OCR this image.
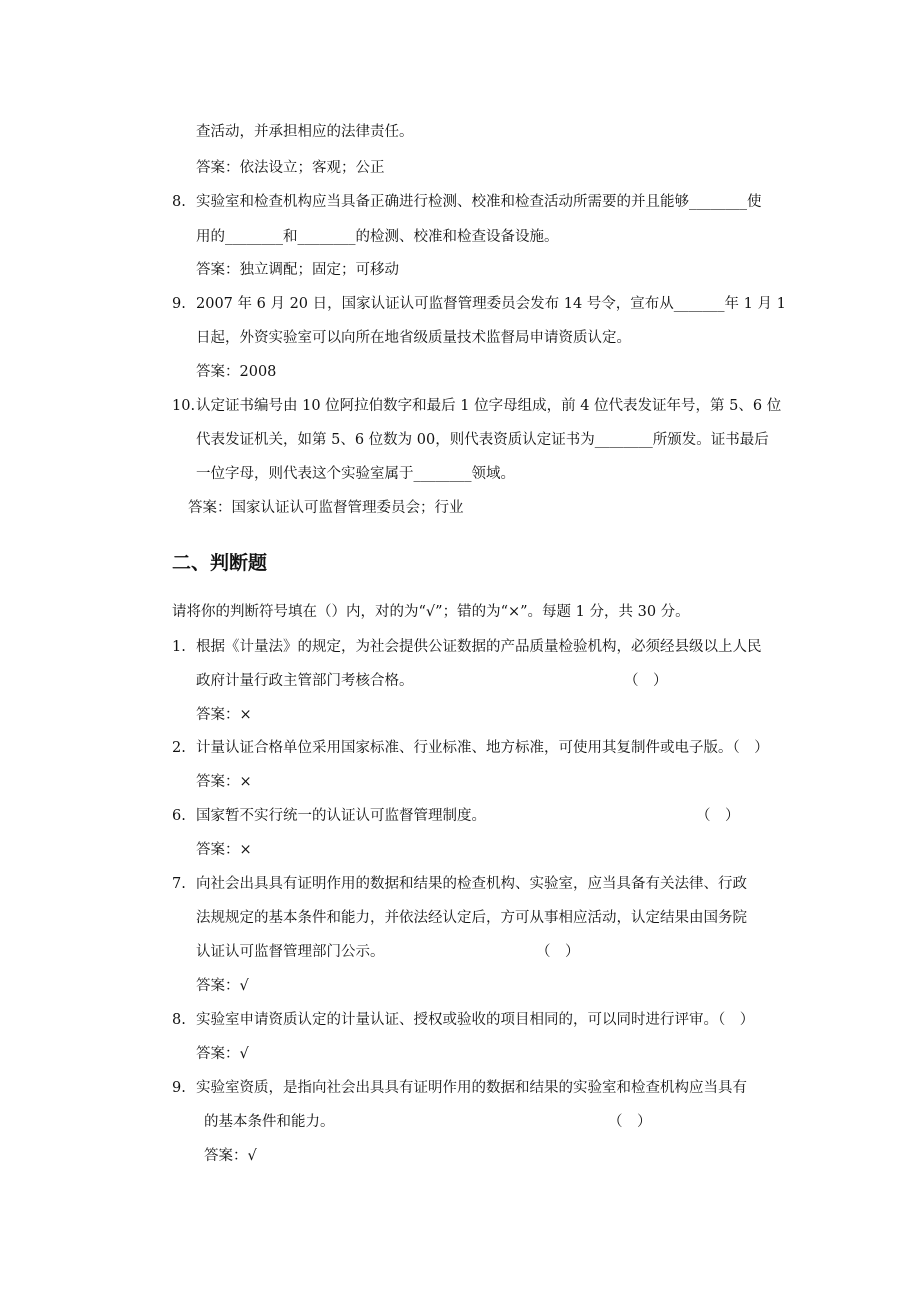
查活动，并承担相应的法律责任。
答案：依法设立；客观；公正
8. 实验室和检查机构应当具备正确进行检测、校准和检查活动所需要的并且能够________使
用的________和________的检测、校准和检查设备设施。
答案：独立调配；固定；可移动
9. 2007 年 6 月 20 日，国家认证认可监督管理委员会发布 14 号令，宣布从_______年 1 月 1
日起，外资实验室可以向所在地省级质量技术监督局申请资质认定。
答案：2008
10. 认定证书编号由 10 位阿拉伯数字和最后 1 位字母组成，前 4 位代表发证年号，第 5、6 位
代表发证机关，如第 5、6 位数为 00，则代表资质认定证书为________所颁发。证书最后
一位字母，则代表这个实验室属于________领域。
答案：国家认证认可监督管理委员会；行业
二、判断题
请将你的判断符号填在（）内，对的为“√”；错的为“×”。每题 1 分，共 30 分。
1. 根据《计量法》的规定，为社会提供公证数据的产品质量检验机构，必须经县级以上人民
政府计量行政主管部门考核合格。	（　）
答案：×
2. 计量认证合格单位采用国家标准、行业标准、地方标准，可使用其复制件或电子版。（　）
答案：×
6. 国家暂不实行统一的认证认可监督管理制度。	（　）
答案：×
7. 向社会出具具有证明作用的数据和结果的检查机构、实验室，应当具备有关法律、行政
法规规定的基本条件和能力，并依法经认定后，方可从事相应活动，认定结果由国务院
认证认可监督管理部门公示。	（　）
答案：√
8. 实验室申请资质认定的计量认证、授权或验收的项目相同的，可以同时进行评审。（　）
答案：√
9. 实验室资质，是指向社会出具具有证明作用的数据和结果的实验室和检查机构应当具有
的基本条件和能力。	（　）
答案：√
